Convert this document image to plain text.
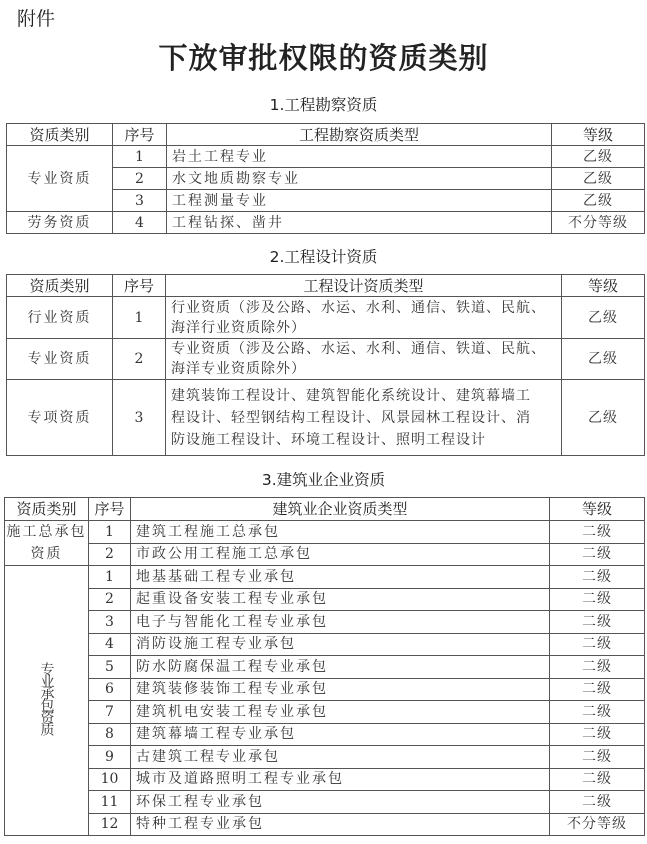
附件
下放审批权限的资质类别
1.工程勘察资质
资质类别	序号	工程勘察资质类型	等级
专业资质	1	岩土工程专业	乙级
	2	水文地质勘察专业	乙级
	3	工程测量专业	乙级
劳务资质	4	工程钻探、凿井	不分等级
2.工程设计资质
资质类别	序号	工程设计资质类型	等级
行业资质	1	行业资质（涉及公路、水运、水利、通信、铁道、民航、
海洋行业资质除外）	乙级
专业资质	2	专业资质（涉及公路、水运、水利、通信、铁道、民航、
海洋专业资质除外）	乙级
专项资质	3	建筑装饰工程设计、建筑智能化系统设计、建筑幕墙工
程设计、轻型钢结构工程设计、风景园林工程设计、消
防设施工程设计、环境工程设计、照明工程设计	乙级
3.建筑业企业资质
资质类别	序号	建筑业企业资质类型	等级

施工总承包
资质	1	建筑工程施工总承包	二级
	2	市政公用工程施工总承包	二级
专业承包资质	1	地基基础工程专业承包	二级
	2	起重设备安装工程专业承包	二级
	3	电子与智能化工程专业承包	二级
	4	消防设施工程专业承包	二级
	5	防水防腐保温工程专业承包	二级
	6	建筑装修装饰工程专业承包	二级
	7	建筑机电安装工程专业承包	二级
	8	建筑幕墙工程专业承包	二级
	9	古建筑工程专业承包	二级
	10	城市及道路照明工程专业承包	二级
	11	环保工程专业承包	二级
	12	特种工程专业承包	不分等级
